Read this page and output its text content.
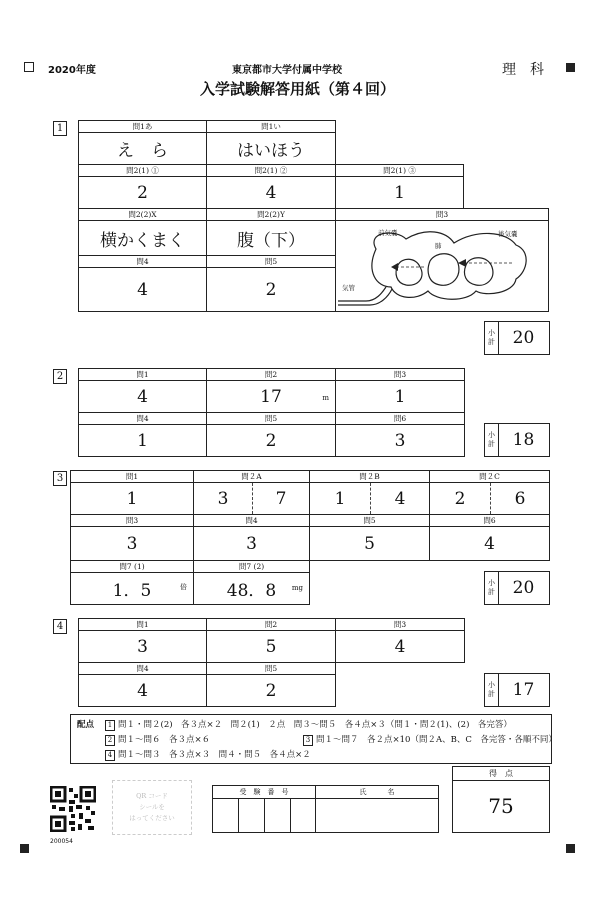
2020年度	東京都市大学付属中学校	理　科
入学試験解答用紙（第４回）
1	問1あ
え　ら
問1い
はいほう
問2(1) ①
2
問2(1) ②
4
問2(1) ③
1
問2(2)X
横かくまく
問2(2)Y
腹（下）
問3
前気嚢
肺
後気嚢
気管
問4
4
問5
2
小
計	20
2	問1
4
問2
17	m
問3
1
問4
1
問5
2
問6
3	小
計	18
3	問1
1
問２A
3	7
問２B
1	4
問２C
2	6
問3
3
問4
3
問5
5
問6
4
問7 (1)
1．5	倍
問7 (2)
48．8	mg
小
計	20
4	問1
3
問2
5
問3
4
問4
4
問5
2	小
計	17
配点	1 問１・問２(2)　各３点×２　問２(1)　２点　問３～問５　各４点×３（問１・問２(1)、(2)　各完答）
2 問１～問６　各３点×６	3 問１～問７　各２点×10（問２A、B、C　各完答・各順不同）
4 問１～問３　各３点×３　問４・問５　各４点×２
200054
QR コード
シールを
はってください
受　験　番　号	氏　　　名
得　点
75
